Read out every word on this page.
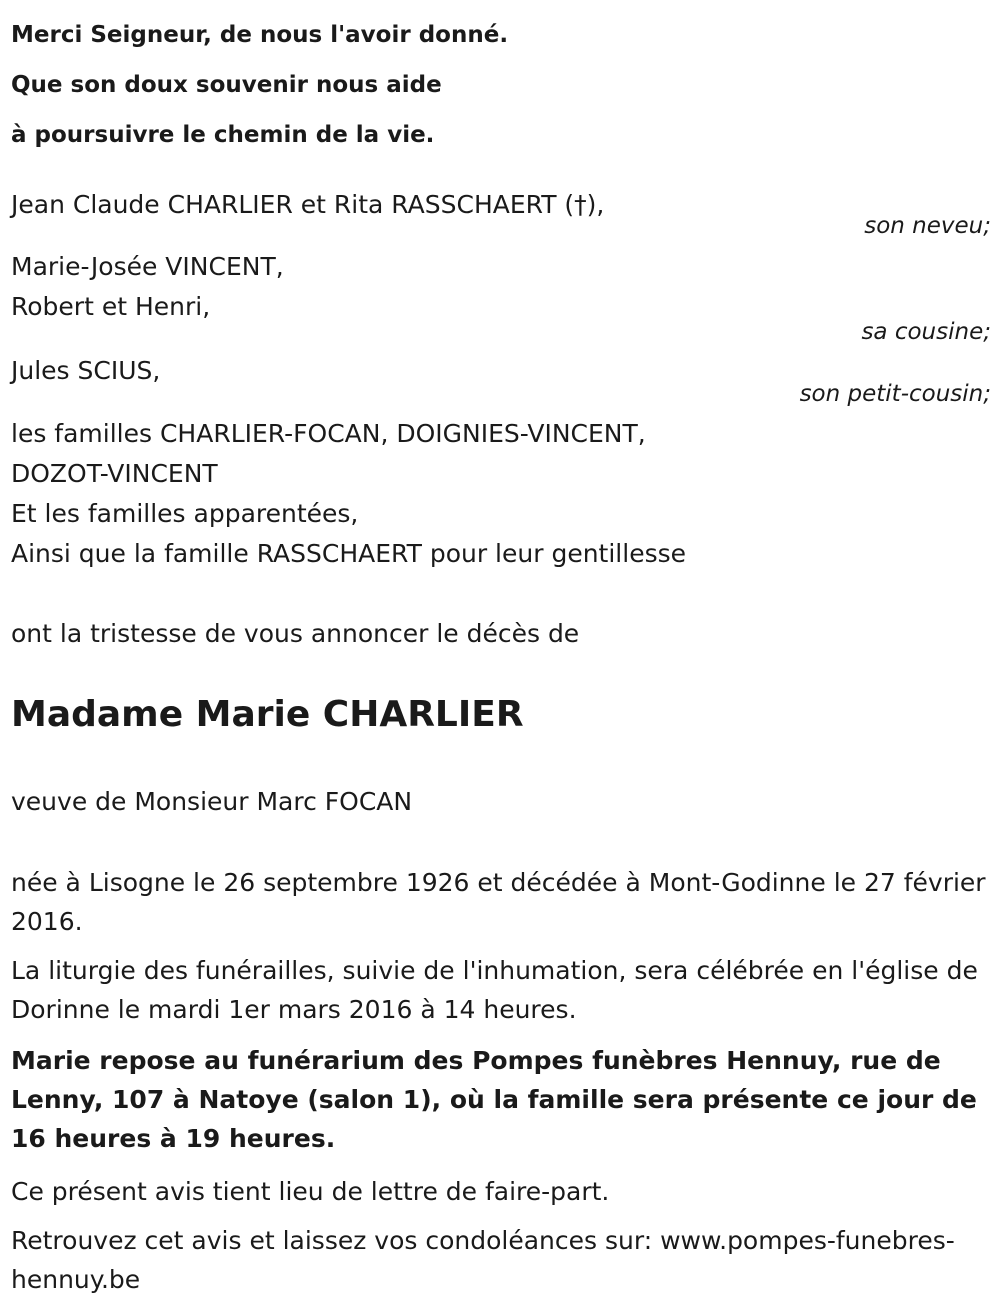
Merci Seigneur, de nous l'avoir donné.

Que son doux souvenir nous aide

à poursuivre le chemin de la vie.

Jean Claude CHARLIER et Rita RASSCHAERT (†),

son neveu;

Marie-Josée VINCENT,

Robert et Henri,

sa cousine;

Jules SCIUS,

son petit-cousin;

les familles CHARLIER-FOCAN, DOIGNIES-VINCENT,

DOZOT-VINCENT

Et les familles apparentées,

Ainsi que la famille RASSCHAERT pour leur gentillesse

ont la tristesse de vous annoncer le décès de

Madame Marie CHARLIER

veuve de Monsieur Marc FOCAN

née à Lisogne le 26 septembre 1926 et décédée à Mont-Godinne le 27 février 2016.

La liturgie des funérailles, suivie de l'inhumation, sera célébrée en l'église de Dorinne le mardi 1er mars 2016 à 14 heures.

Marie repose au funérarium des Pompes funèbres Hennuy, rue de Lenny, 107 à Natoye (salon 1), où la famille sera présente ce jour de 16 heures à 19 heures.

Ce présent avis tient lieu de lettre de faire-part.

Retrouvez cet avis et laissez vos condoléances sur: www.pompes-funebres-hennuy.be
